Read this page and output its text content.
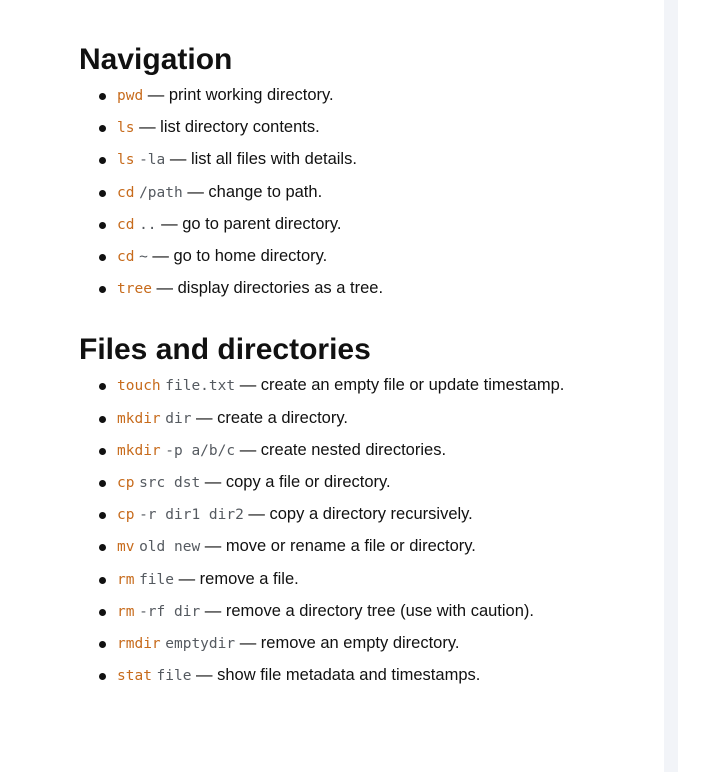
Navigation
pwd — print working directory.
ls — list directory contents.
ls -la — list all files with details.
cd /path — change to path.
cd .. — go to parent directory.
cd ~ — go to home directory.
tree — display directories as a tree.
Files and directories
touch file.txt — create an empty file or update timestamp.
mkdir dir — create a directory.
mkdir -p a/b/c — create nested directories.
cp src dst — copy a file or directory.
cp -r dir1 dir2 — copy a directory recursively.
mv old new — move or rename a file or directory.
rm file — remove a file.
rm -rf dir — remove a directory tree (use with caution).
rmdir emptydir — remove an empty directory.
stat file — show file metadata and timestamps.
